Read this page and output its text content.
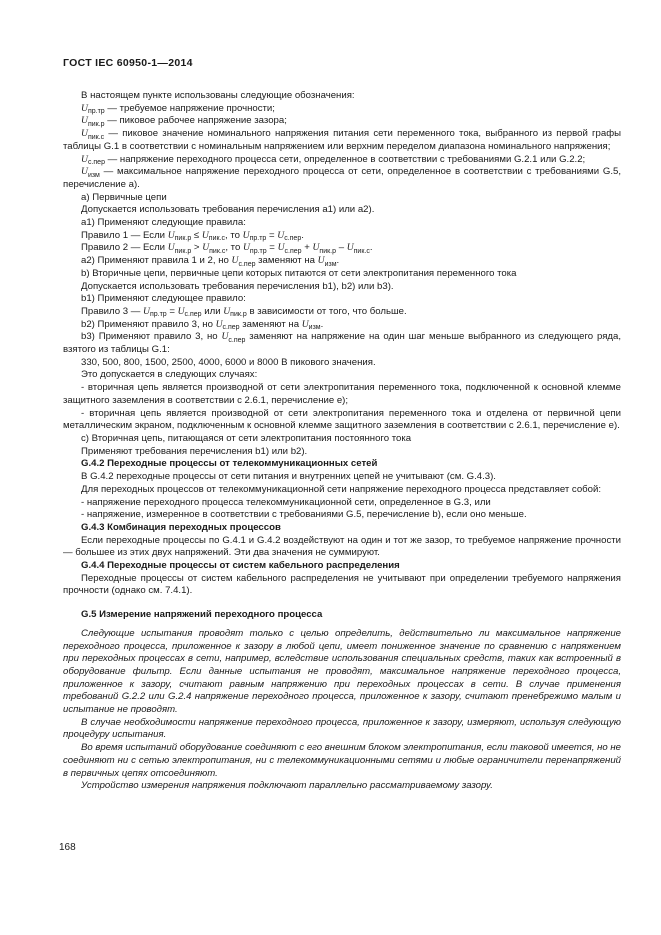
ГОСТ IEC 60950-1—2014

В настоящем пункте использованы следующие обозначения:

$U_{пр.тр}$ — требуемое напряжение прочности;

$U_{пик.р}$ — пиковое рабочее напряжение зазора;

$U_{пик.с}$ — пиковое значение номинального напряжения питания сети переменного тока, выбранного из первой графы таблицы G.1 в соответствии с номинальным напряжением или верхним переделом диапазона номинального напряжения;

$U_{с.пер}$ — напряжение переходного процесса сети, определенное в соответствии с требованиями G.2.1 или G.2.2;

$U_{изм}$ — максимальное напряжение переходного процесса от сети, определенное в соответствии с требованиями G.5, перечисление а).

а) Первичные цепи

Допускается использовать требования перечисления а1) или а2).

а1) Применяют следующие правила:

Правило 1 — Если $U_{пик.р} \le U_{пик.с}$, то $U_{пр.тр} = U_{с.пер}$.

Правило 2 — Если $U_{пик.р} > U_{пик.с}$, то $U_{пр.тр} = U_{с.пер} + U_{пик.р} - U_{пик.с}$.

а2) Применяют правила 1 и 2, но $U_{с.пер}$ заменяют на $U_{изм}$.

b) Вторичные цепи, первичные цепи которых питаются от сети электропитания переменного тока

Допускается использовать требования перечисления b1), b2) или b3).

b1) Применяют следующее правило:

Правило 3 — $U_{пр.тр} = U_{с.пер}$ или $U_{пик.р}$ в зависимости от того, что больше.

b2) Применяют правило 3, но $U_{с.пер}$ заменяют на $U_{изм}$.

b3) Применяют правило 3, но $U_{с.пер}$ заменяют на напряжение на один шаг меньше выбранного из следующего ряда, взятого из таблицы G.1:

330, 500, 800, 1500, 2500, 4000, 6000 и 8000 В пикового значения.

Это допускается в следующих случаях:

- вторичная цепь является производной от сети электропитания переменного тока, подключенной к основной клемме защитного заземления в соответствии с 2.6.1, перечисление е);

- вторичная цепь является производной от сети электропитания переменного тока и отделена от первичной цепи металлическим экраном, подключенным к основной клемме защитного заземления в соответствии с 2.6.1, перечисление е).

с) Вторичная цепь, питающаяся от сети электропитания постоянного тока

Применяют требования перечисления b1) или b2).

G.4.2 Переходные процессы от телекоммуникационных сетей

В G.4.2 переходные процессы от сети питания и внутренних цепей не учитывают (см. G.4.3).

Для переходных процессов от телекоммуникационной сети напряжение переходного процесса представляет собой:

- напряжение переходного процесса телекоммуникационной сети, определенное в G.3, или

- напряжение, измеренное в соответствии с требованиями G.5, перечисление b), если оно меньше.

G.4.3 Комбинация переходных процессов

Если переходные процессы по G.4.1 и G.4.2 воздействуют на один и тот же зазор, то требуемое напряжение прочности — большее из этих двух напряжений. Эти два значения не суммируют.

G.4.4 Переходные процессы от систем кабельного распределения

Переходные процессы от систем кабельного распределения не учитывают при определении требуемого напряжения прочности (однако см. 7.4.1).

G.5 Измерение напряжений переходного процесса

Следующие испытания проводят только с целью определить, действительно ли максимальное напряжение переходного процесса, приложенное к зазору в любой цепи, имеет пониженное значение по сравнению с напряжением при переходных процессах в сети, например, вследствие использования специальных средств, таких как встроенный в оборудование фильтр. Если данные испытания не проводят, максимальное напряжение переходного процесса, приложенное к зазору, считают равным напряжению при переходных процессах в сети. В случае применения требований G.2.2 или G.2.4 напряжение переходного процесса, приложенное к зазору, считают пренебрежимо малым и испытание не проводят.

В случае необходимости напряжение переходного процесса, приложенное к зазору, измеряют, используя следующую процедуру испытания.

Во время испытаний оборудование соединяют с его внешним блоком электропитания, если таковой имеется, но не соединяют ни с сетью электропитания, ни с телекоммуникационными сетями и любые ограничители перенапряжений в первичных цепях отсоединяют.

Устройство измерения напряжения подключают параллельно рассматриваемому зазору.

168
